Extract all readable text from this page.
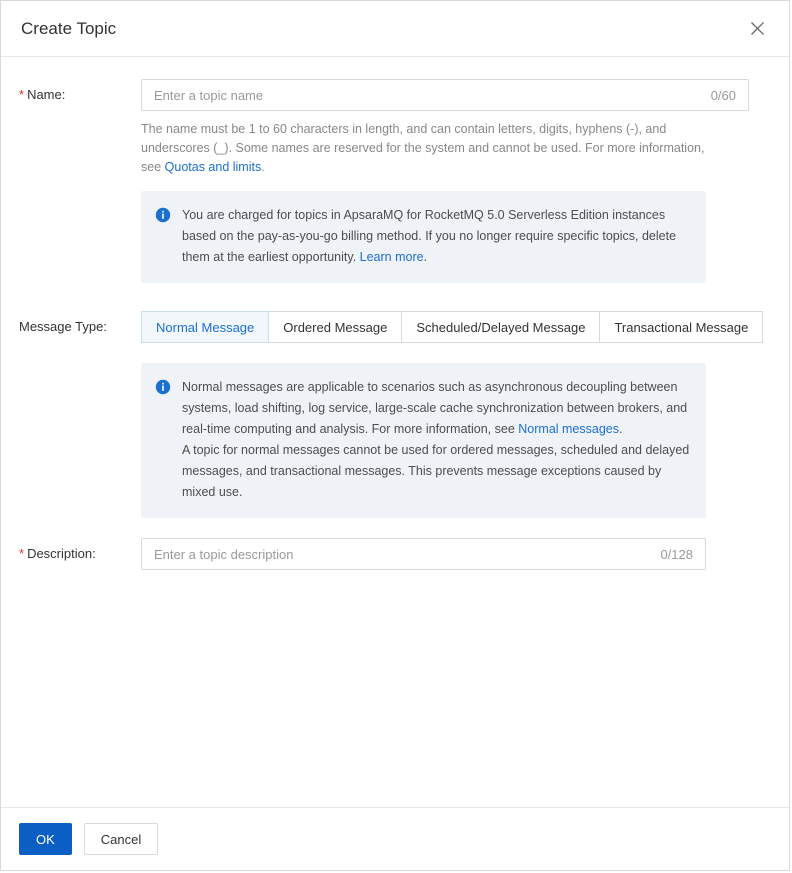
Create Topic
* Name:
Enter a topic name	0/60
The name must be 1 to 60 characters in length, and can contain letters, digits, hyphens (-), and underscores (_). Some names are reserved for the system and cannot be used. For more information, see Quotas and limits.
You are charged for topics in ApsaraMQ for RocketMQ 5.0 Serverless Edition instances based on the pay-as-you-go billing method. If you no longer require specific topics, delete them at the earliest opportunity. Learn more.
Message Type:	Normal Message	Ordered Message	Scheduled/Delayed Message	Transactional Message

Normal messages are applicable to scenarios such as asynchronous decoupling between systems, load shifting, log service, large-scale cache synchronization between brokers, and real-time computing and analysis. For more information, see Normal messages.

A topic for normal messages cannot be used for ordered messages, scheduled and delayed messages, and transactional messages. This prevents message exceptions caused by mixed use.

* Description:
Enter a topic description	0/128
OK	Cancel
